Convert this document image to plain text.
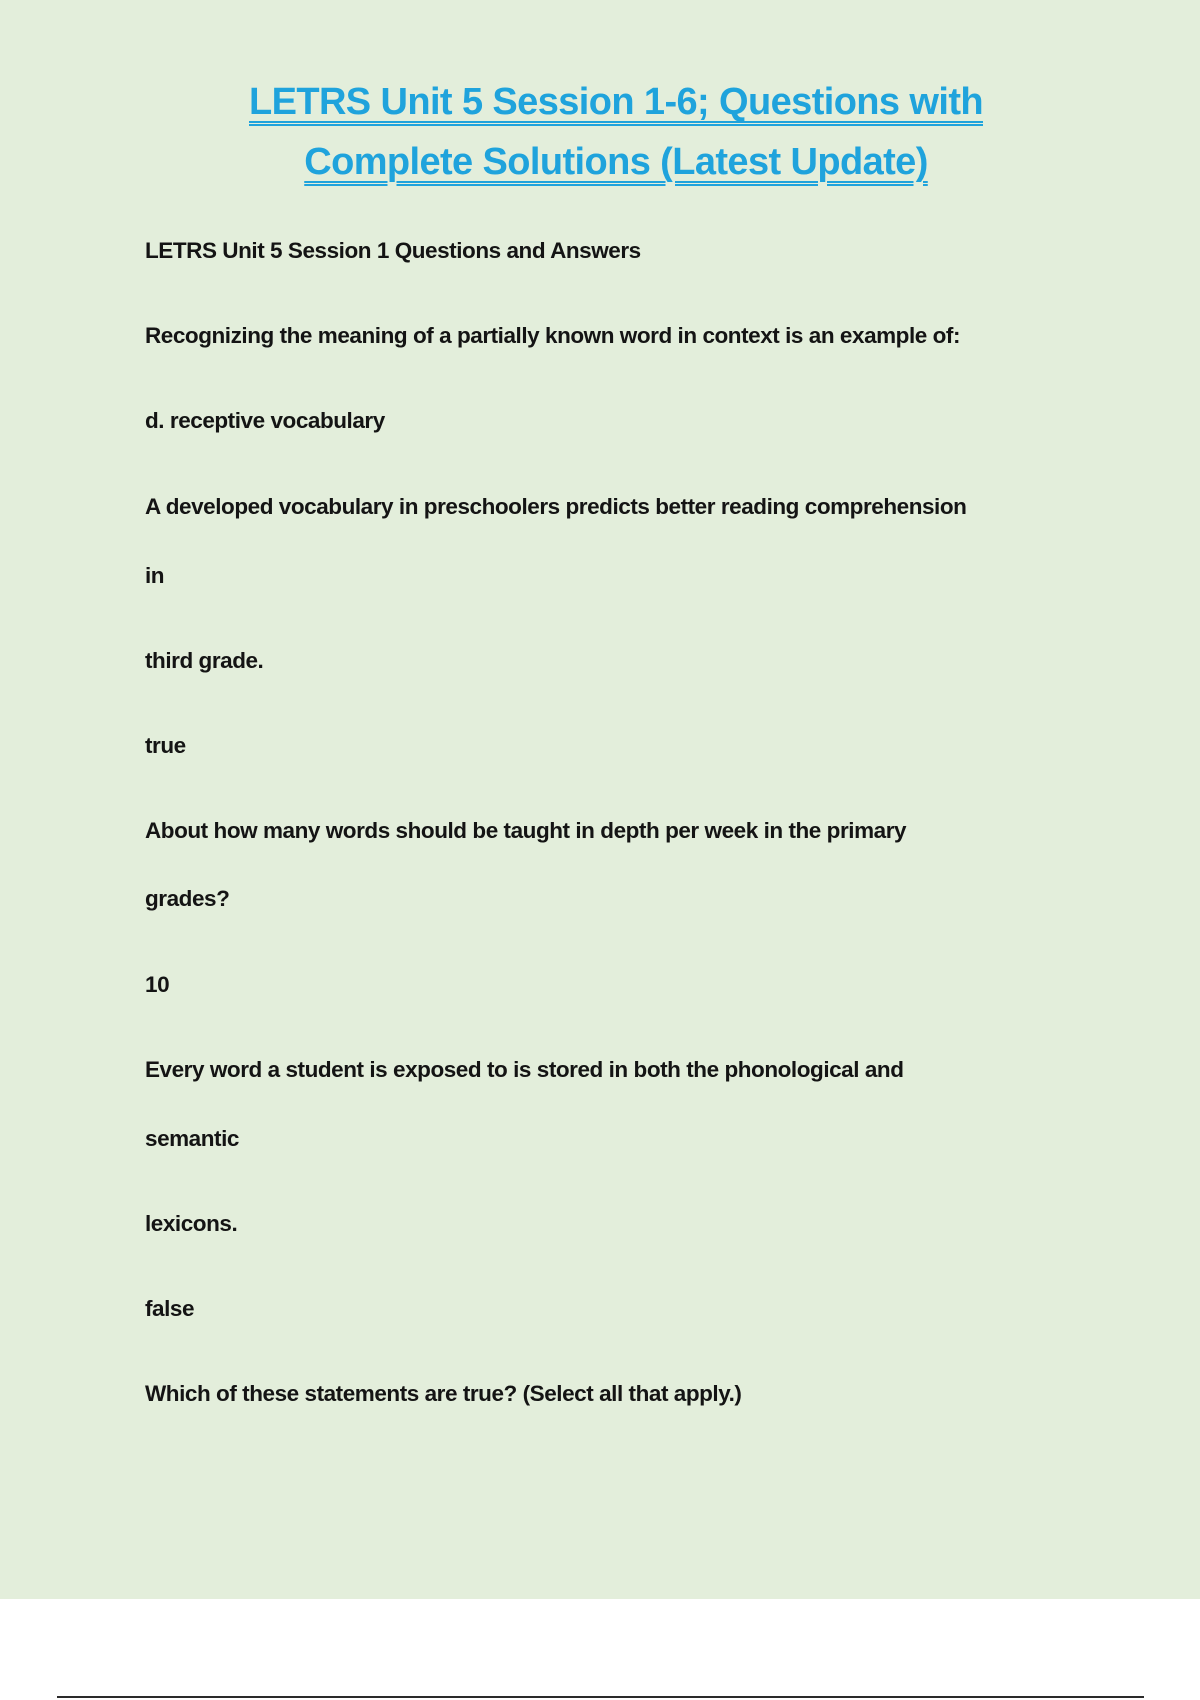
LETRS Unit 5 Session 1-6; Questions with
Complete Solutions (Latest Update)

LETRS Unit 5 Session 1 Questions and Answers

Recognizing the meaning of a partially known word in context is an example of:

d. receptive vocabulary

A developed vocabulary in preschoolers predicts better reading comprehension

in

third grade.

true

About how many words should be taught in depth per week in the primary

grades?

10

Every word a student is exposed to is stored in both the phonological and

semantic

lexicons.

false

Which of these statements are true? (Select all that apply.)
